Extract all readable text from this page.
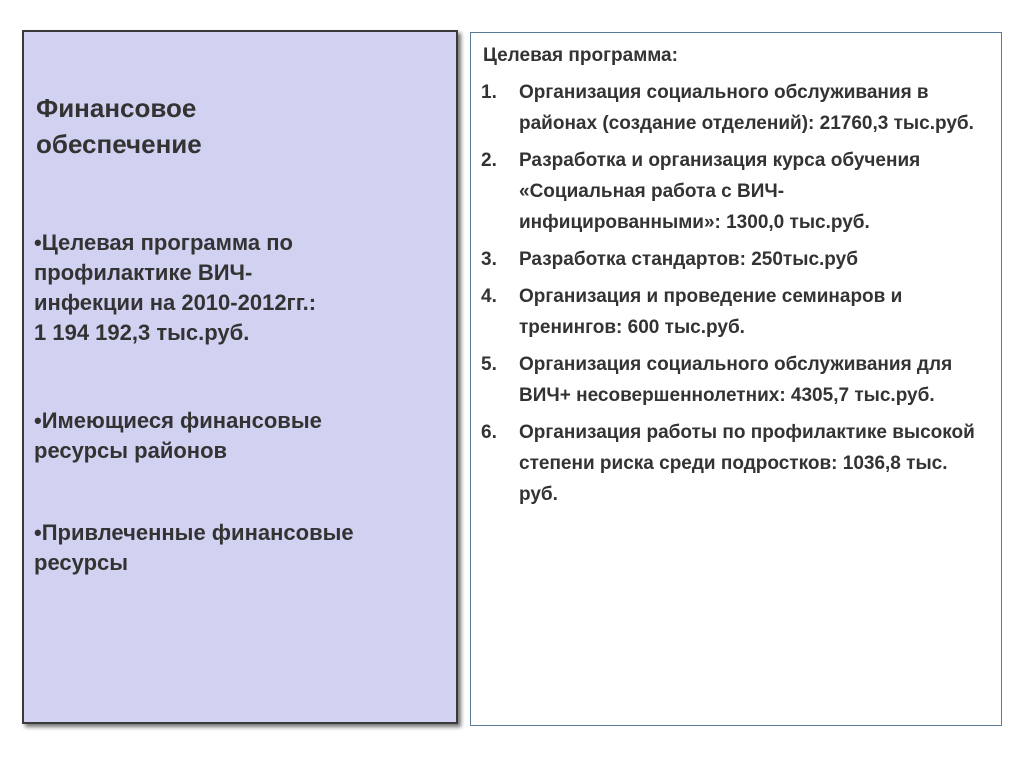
Финансовое
обеспечение

•Целевая программа по
профилактике ВИЧ-
инфекции на 2010-2012гг.:
1 194 192,3 тыс.руб.

•Имеющиеся финансовые
ресурсы районов

•Привлеченные финансовые
ресурсы

Целевая программа:
1.	Организация социального обслуживания в районах (создание отделений): 21760,3 тыс.руб.
2.	Разработка и организация курса обучения «Социальная работа с ВИЧ-инфицированными»: 1300,0 тыс.руб.
3.	Разработка стандартов: 250тыс.руб
4.	Организация и проведение семинаров и тренингов: 600 тыс.руб.
5.	Организация социального обслуживания для ВИЧ+ несовершеннолетних: 4305,7 тыс.руб.
6.	Организация работы по профилактике высокой степени риска среди подростков: 1036,8 тыс. руб.
